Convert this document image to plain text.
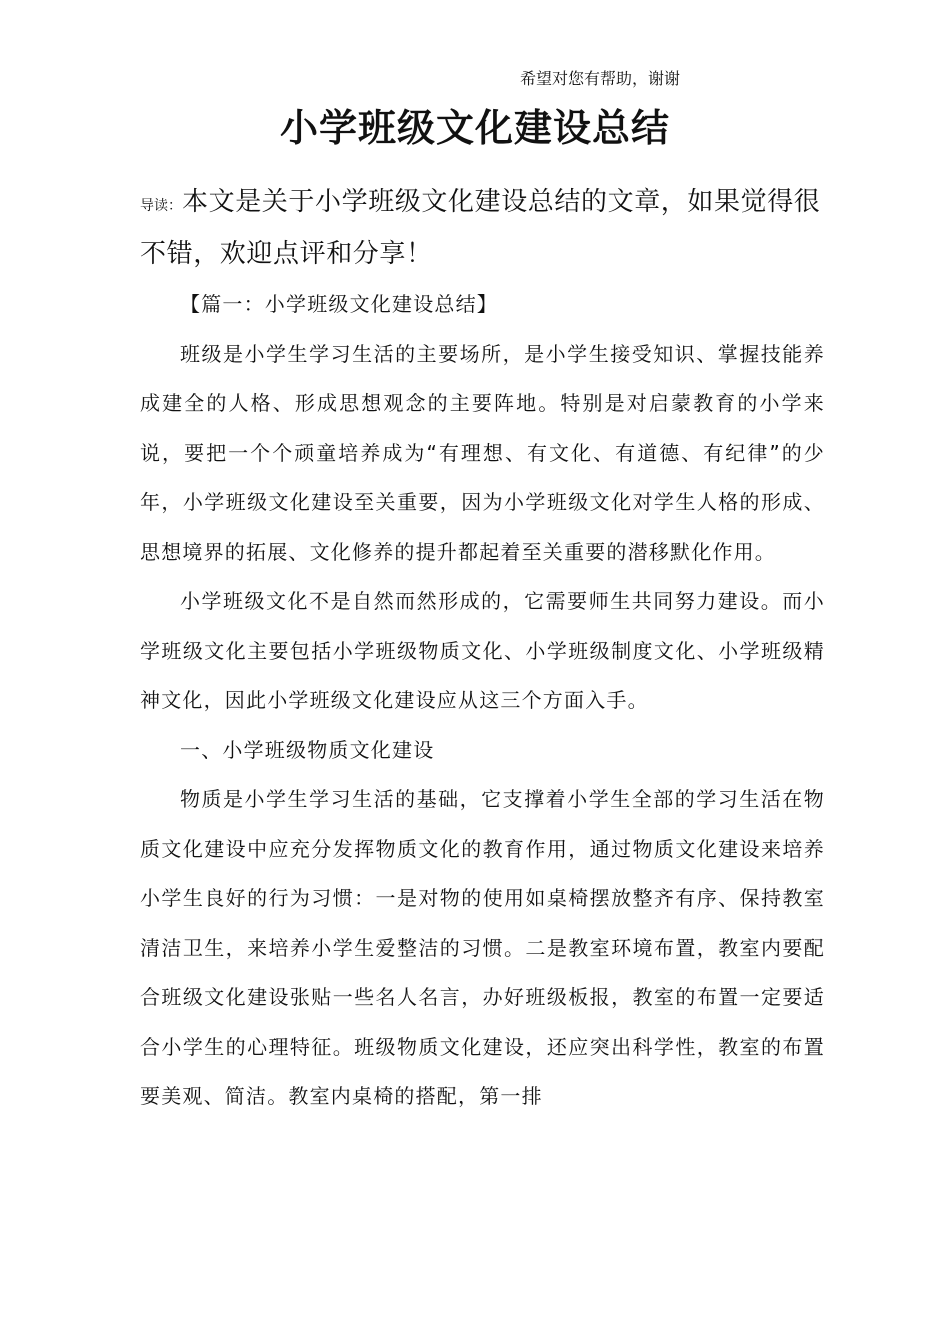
希望对您有帮助，谢谢
小学班级文化建设总结
导读：本文是关于小学班级文化建设总结的文章，如果觉得很不错，欢迎点评和分享！

【篇一：小学班级文化建设总结】

班级是小学生学习生活的主要场所，是小学生接受知识、掌握技能养成建全的人格、形成思想观念的主要阵地。特别是对启蒙教育的小学来说，要把一个个顽童培养成为“有理想、有文化、有道德、有纪律”的少年，小学班级文化建设至关重要，因为小学班级文化对学生人格的形成、思想境界的拓展、文化修养的提升都起着至关重要的潜移默化作用。

小学班级文化不是自然而然形成的，它需要师生共同努力建设。而小学班级文化主要包括小学班级物质文化、小学班级制度文化、小学班级精神文化，因此小学班级文化建设应从这三个方面入手。

一、小学班级物质文化建设

物质是小学生学习生活的基础，它支撑着小学生全部的学习生活在物质文化建设中应充分发挥物质文化的教育作用，通过物质文化建设来培养小学生良好的行为习惯：一是对物的使用如桌椅摆放整齐有序、保持教室清洁卫生，来培养小学生爱整洁的习惯。二是教室环境布置，教室内要配合班级文化建设张贴一些名人名言，办好班级板报，教室的布置一定要适合小学生的心理特征。班级物质文化建设，还应突出科学性，教室的布置要美观、简洁。教室内桌椅的搭配，第一排
